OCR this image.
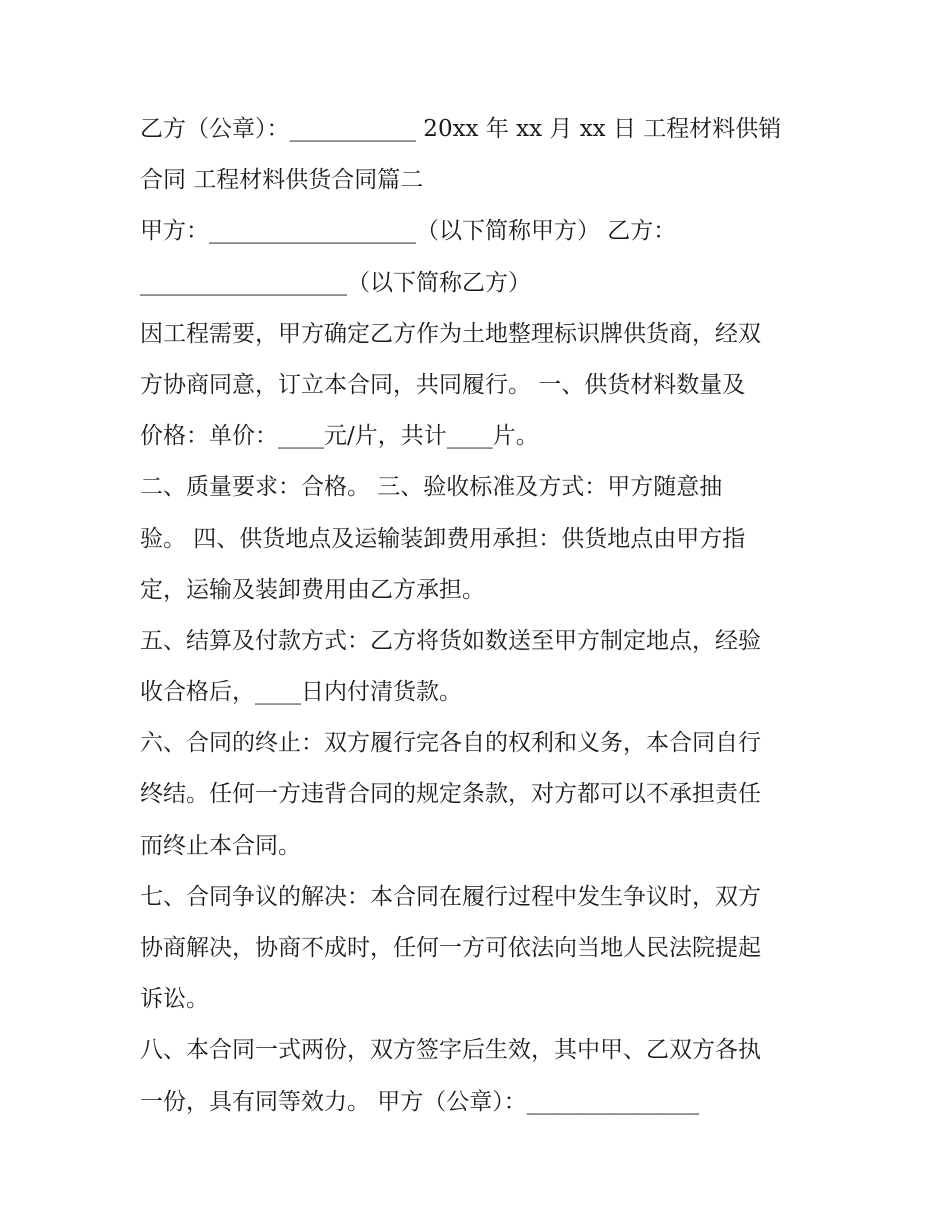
乙方（公章）：___________ 20xx 年 xx 月 xx 日 工程材料供销
合同 工程材料供货合同篇二
甲方：__________________（以下简称甲方） 乙方：
__________________（以下简称乙方）
因工程需要，甲方确定乙方作为土地整理标识牌供货商，经双
方协商同意，订立本合同，共同履行。 一、供货材料数量及
价格：单价：____元/片，共计____片。
二、质量要求：合格。 三、验收标准及方式：甲方随意抽
验。 四、供货地点及运输装卸费用承担：供货地点由甲方指
定，运输及装卸费用由乙方承担。
五、结算及付款方式：乙方将货如数送至甲方制定地点，经验
收合格后，____日内付清货款。
六、合同的终止：双方履行完各自的权利和义务，本合同自行
终结。任何一方违背合同的规定条款，对方都可以不承担责任
而终止本合同。
七、合同争议的解决：本合同在履行过程中发生争议时，双方
协商解决，协商不成时，任何一方可依法向当地人民法院提起
诉讼。
八、本合同一式两份，双方签字后生效，其中甲、乙双方各执
一份，具有同等效力。 甲方（公章）：_______________
